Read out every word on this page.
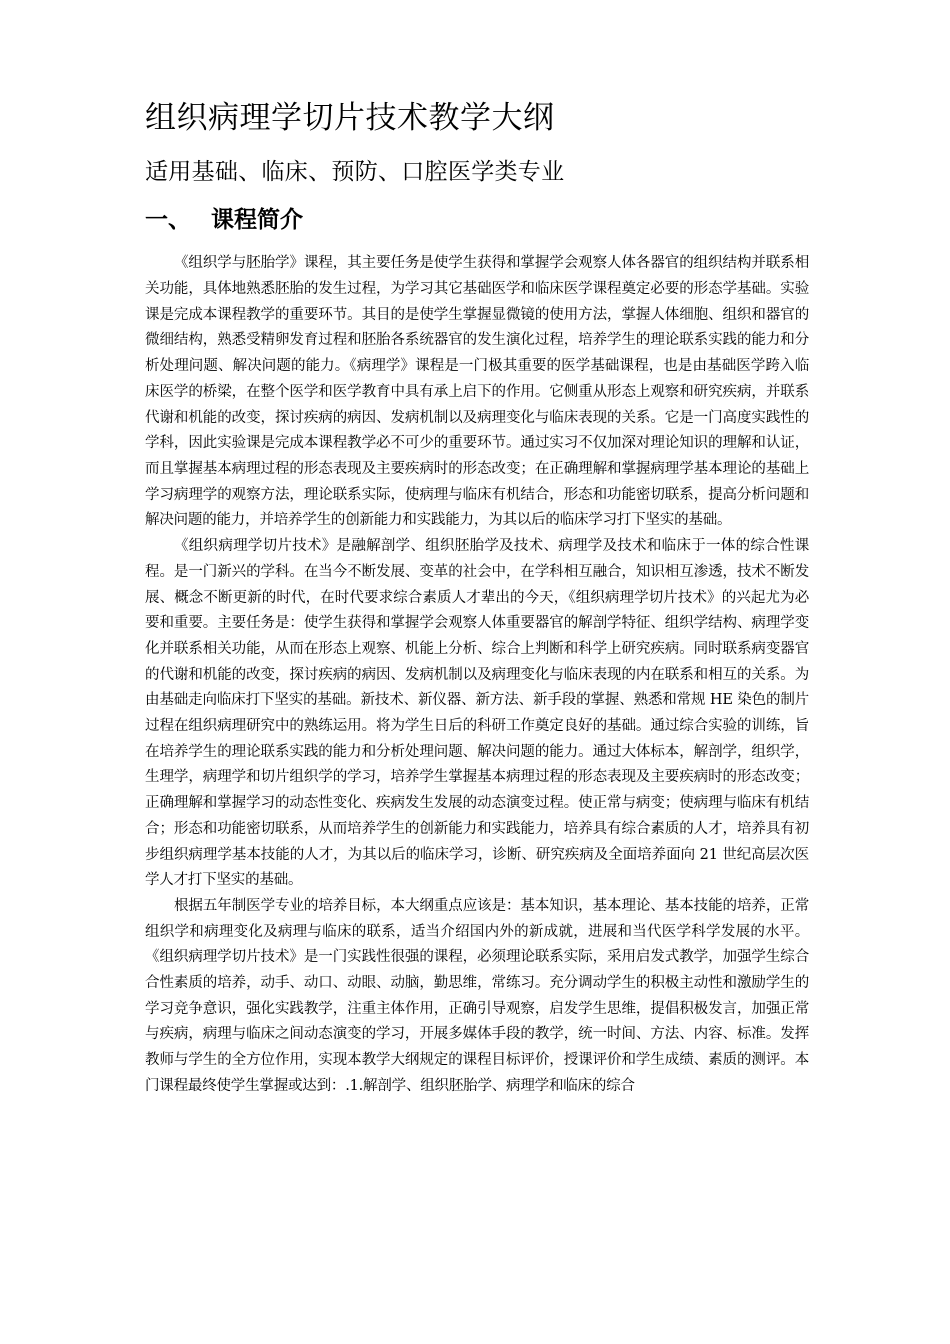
组织病理学切片技术教学大纲
适用基础、临床、预防、口腔医学类专业
一、 课程简介

《组织学与胚胎学》课程，其主要任务是使学生获得和掌握学会观察人体各器官的组织结构并联系相关功能，具体地熟悉胚胎的发生过程，为学习其它基础医学和临床医学课程奠定必要的形态学基础。实验课是完成本课程教学的重要环节。其目的是使学生掌握显微镜的使用方法，掌握人体细胞、组织和器官的微细结构，熟悉受精卵发育过程和胚胎各系统器官的发生演化过程，培养学生的理论联系实践的能力和分析处理问题、解决问题的能力。《病理学》课程是一门极其重要的医学基础课程，也是由基础医学跨入临床医学的桥梁，在整个医学和医学教育中具有承上启下的作用。它侧重从形态上观察和研究疾病，并联系代谢和机能的改变，探讨疾病的病因、发病机制以及病理变化与临床表现的关系。它是一门高度实践性的学科，因此实验课是完成本课程教学必不可少的重要环节。通过实习不仅加深对理论知识的理解和认证，而且掌握基本病理过程的形态表现及主要疾病时的形态改变；在正确理解和掌握病理学基本理论的基础上学习病理学的观察方法，理论联系实际，使病理与临床有机结合，形态和功能密切联系，提高分析问题和解决问题的能力，并培养学生的创新能力和实践能力，为其以后的临床学习打下坚实的基础。

《组织病理学切片技术》是融解剖学、组织胚胎学及技术、病理学及技术和临床于一体的综合性课程。是一门新兴的学科。在当今不断发展、变革的社会中，在学科相互融合，知识相互渗透，技术不断发展、概念不断更新的时代，在时代要求综合素质人才辈出的今天，《组织病理学切片技术》的兴起尤为必要和重要。主要任务是：使学生获得和掌握学会观察人体重要器官的解剖学特征、组织学结构、病理学变化并联系相关功能，从而在形态上观察、机能上分析、综合上判断和科学上研究疾病。同时联系病变器官的代谢和机能的改变，探讨疾病的病因、发病机制以及病理变化与临床表现的内在联系和相互的关系。为由基础走向临床打下坚实的基础。新技术、新仪器、新方法、新手段的掌握、熟悉和常规 HE 染色的制片过程在组织病理研究中的熟练运用。将为学生日后的科研工作奠定良好的基础。通过综合实验的训练，旨在培养学生的理论联系实践的能力和分析处理问题、解决问题的能力。通过大体标本，解剖学，组织学，生理学，病理学和切片组织学的学习，培养学生掌握基本病理过程的形态表现及主要疾病时的形态改变；正确理解和掌握学习的动态性变化、疾病发生发展的动态演变过程。使正常与病变；使病理与临床有机结合；形态和功能密切联系，从而培养学生的创新能力和实践能力，培养具有综合素质的人才，培养具有初步组织病理学基本技能的人才，为其以后的临床学习，诊断、研究疾病及全面培养面向 21 世纪高层次医学人才打下坚实的基础。

根据五年制医学专业的培养目标，本大纲重点应该是：基本知识，基本理论、基本技能的培养，正常组织学和病理变化及病理与临床的联系，适当介绍国内外的新成就，进展和当代医学科学发展的水平。《组织病理学切片技术》是一门实践性很强的课程，必须理论联系实际，采用启发式教学，加强学生综合合性素质的培养，动手、动口、动眼、动脑，勤思维，常练习。充分调动学生的积极主动性和激励学生的学习竞争意识，强化实践教学，注重主体作用，正确引导观察，启发学生思维，提倡积极发言，加强正常与疾病，病理与临床之间动态演变的学习，开展多媒体手段的教学，统一时间、方法、内容、标准。发挥教师与学生的全方位作用，实现本教学大纲规定的课程目标评价，授课评价和学生成绩、素质的测评。本门课程最终使学生掌握或达到：.1.解剖学、组织胚胎学、病理学和临床的综合
